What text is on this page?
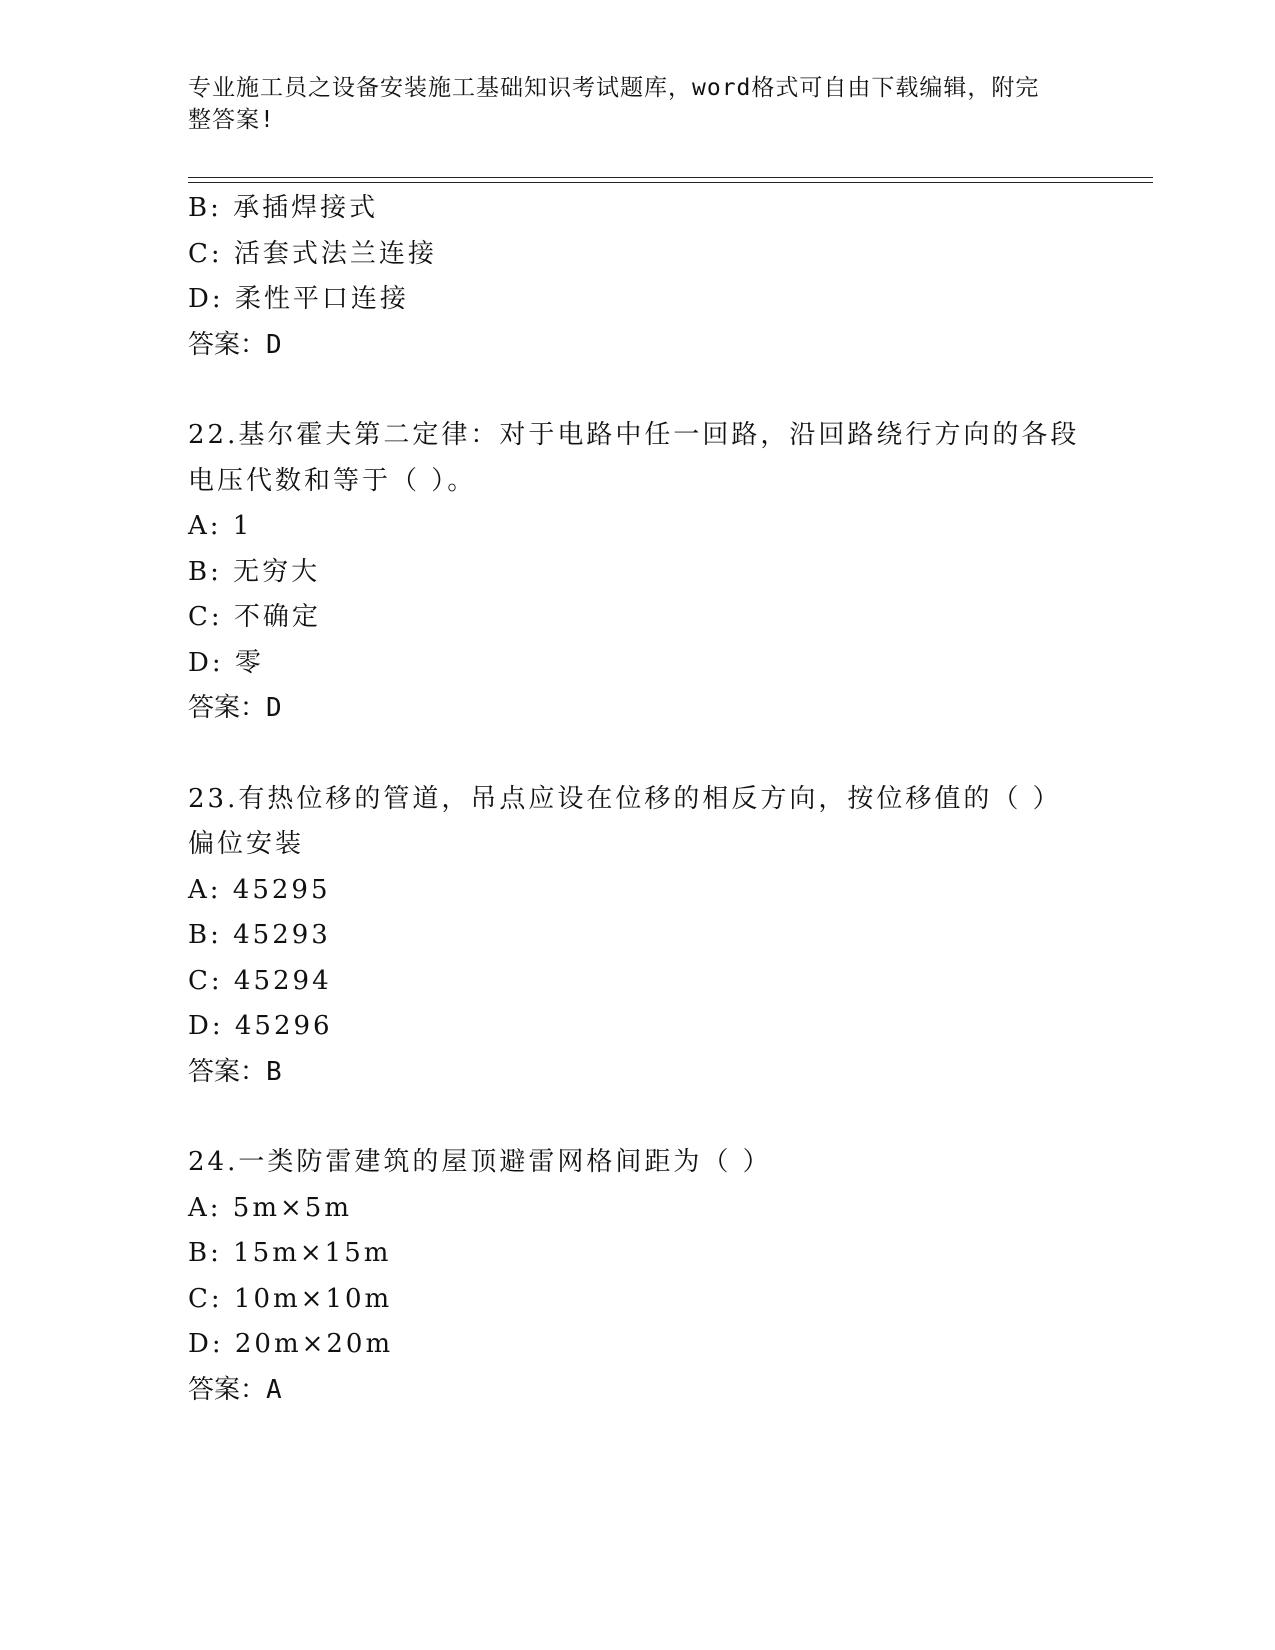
专业施工员之设备安装施工基础知识考试题库，word格式可自由下载编辑，附完
整答案!
B: 承插焊接式
C: 活套式法兰连接
D: 柔性平口连接
答案：D
22.基尔霍夫第二定律：对于电路中任一回路，沿回路绕行方向的各段
电压代数和等于（ ）。
A: 1
B: 无穷大
C: 不确定
D: 零
答案：D
23.有热位移的管道，吊点应设在位移的相反方向，按位移值的（ ）
偏位安装
A: 45295
B: 45293
C: 45294
D: 45296
答案：B
24.一类防雷建筑的屋顶避雷网格间距为（ ）
A: 5m×5m
B: 15m×15m
C: 10m×10m
D: 20m×20m
答案：A
